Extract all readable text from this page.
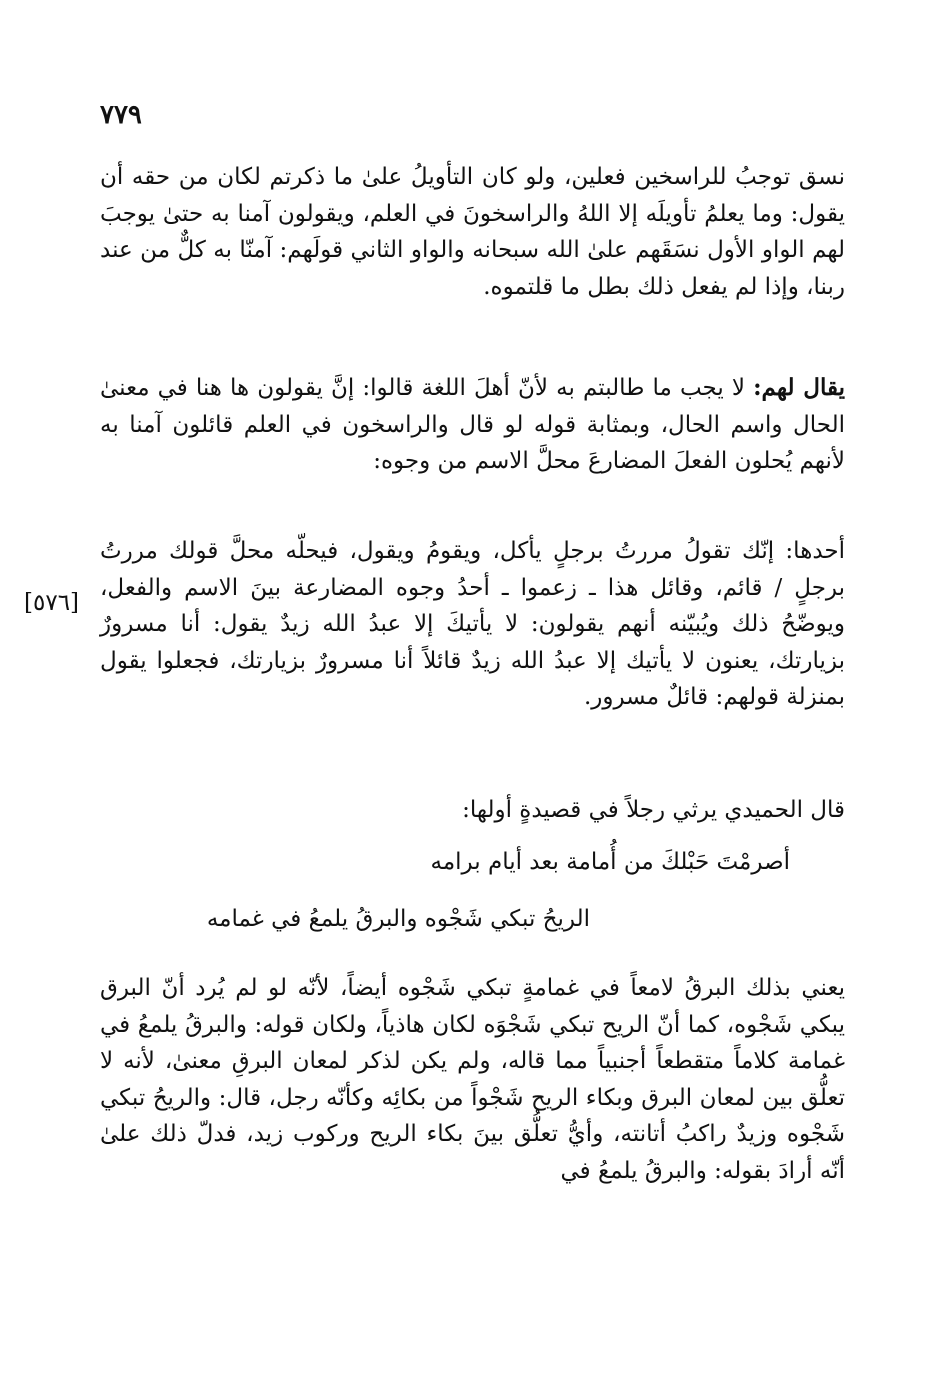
٧٧٩

نسق توجبُ للراسخين فعلين، ولو كان التأويلُ علىٰ ما ذكرتم لكان من حقه أن يقول: وما يعلمُ تأويلَه إلا اللهُ والراسخونَ في العلم، ويقولون آمنا به حتىٰ يوجبَ لهم الواو الأول نسَقَهم علىٰ الله سبحانه والواو الثاني قولَهم: آمنّا به كلٌّ من عند ربنا، وإذا لم يفعل ذلك بطل ما قلتموه.

يقال لهم: لا يجب ما طالبتم به لأنّ أهلَ اللغة قالوا: إنَّ يقولون ها هنا في معنىٰ الحال واسم الحال، وبمثابة قوله لو قال والراسخون في العلم قائلون آمنا به لأنهم يُحلون الفعلَ المضارعَ محلَّ الاسم من وجوه:

أحدها: إنّك تقولُ مررتُ برجلٍ يأكل، ويقومُ ويقول، فيحلّه محلَّ قولك مررتُ برجلٍ / قائم، وقائل هذا ـ زعموا ـ أحدُ وجوه المضارعة بينَ الاسم والفعل، ويوضّحُ ذلك ويُبيّنه أنهم يقولون: لا يأتيكَ إلا عبدُ الله زيدٌ يقول: أنا مسرورٌ بزيارتك، يعنون لا يأتيك إلا عبدُ الله زيدٌ قائلاً أنا مسرورٌ بزيارتك، فجعلوا يقول بمنزلة قولهم: قائلٌ مسرور.

[٥٧٦]

قال الحميدي يرثي رجلاً في قصيدةٍ أولها:

أصرمْتَ حَبْلكَ من أُمامة بعد أيام برامه
الريحُ تبكي شَجْوه والبرقُ يلمعُ في غمامه

يعني بذلك البرقُ لامعاً في غمامةٍ تبكي شَجْوه أيضاً، لأنّه لو لم يُرد أنّ البرق يبكي شَجْوه، كما أنّ الريح تبكي شَجْوَه لكان هاذياً، ولكان قوله: والبرقُ يلمعُ في غمامة كلاماً متقطعاً أجنبياً مما قاله، ولم يكن لذكر لمعان البرقِ معنىٰ، لأنه لا تعلُّق بين لمعان البرق وبكاء الريح شَجْواً من بكائِه وكأنّه رجل، قال: والريحُ تبكي شَجْوه وزيدٌ راكبُ أتانته، وأيُّ تعلُّق بينَ بكاء الريح وركوب زيد، فدلّ ذلك علىٰ أنّه أرادَ بقوله: والبرقُ يلمعُ في
